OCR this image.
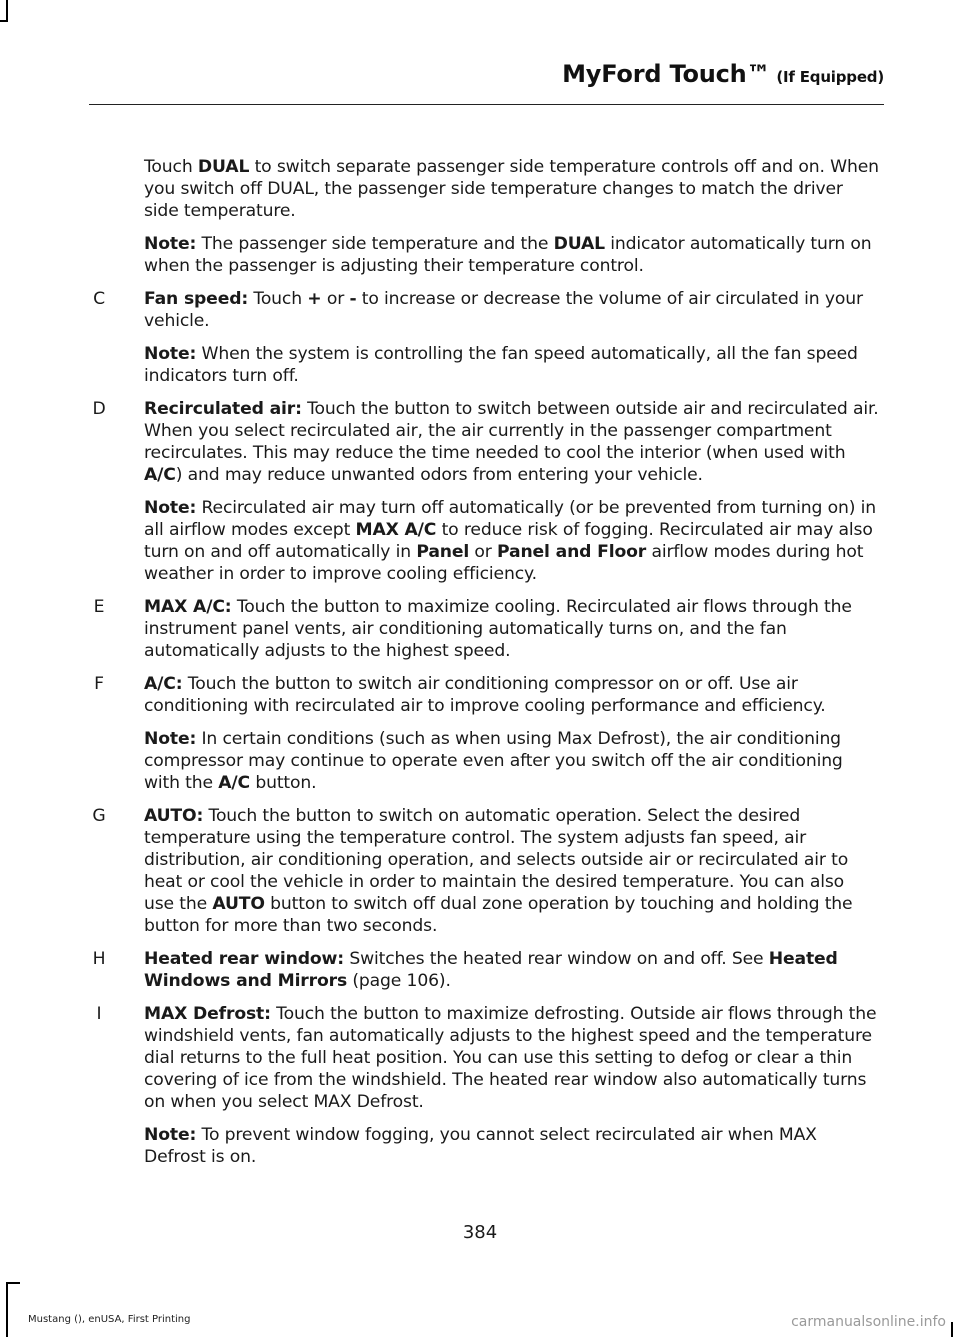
MyFord Touch™ (If Equipped)
Touch DUAL to switch separate passenger side temperature controls off and on. When you switch off DUAL, the passenger side temperature changes to match the driver side temperature.
Note: The passenger side temperature and the DUAL indicator automatically turn on when the passenger is adjusting their temperature control.
C Fan speed: Touch + or - to increase or decrease the volume of air circulated in your vehicle.
Note: When the system is controlling the fan speed automatically, all the fan speed indicators turn off.
D Recirculated air: Touch the button to switch between outside air and recirculated air. When you select recirculated air, the air currently in the passenger compartment recirculates. This may reduce the time needed to cool the interior (when used with A/C) and may reduce unwanted odors from entering your vehicle.
Note: Recirculated air may turn off automatically (or be prevented from turning on) in all airflow modes except MAX A/C to reduce risk of fogging. Recirculated air may also turn on and off automatically in Panel or Panel and Floor airflow modes during hot weather in order to improve cooling efficiency.
E MAX A/C: Touch the button to maximize cooling. Recirculated air flows through the instrument panel vents, air conditioning automatically turns on, and the fan automatically adjusts to the highest speed.
F A/C: Touch the button to switch air conditioning compressor on or off. Use air conditioning with recirculated air to improve cooling performance and efficiency.
Note: In certain conditions (such as when using Max Defrost), the air conditioning compressor may continue to operate even after you switch off the air conditioning with the A/C button.
G AUTO: Touch the button to switch on automatic operation. Select the desired temperature using the temperature control. The system adjusts fan speed, air distribution, air conditioning operation, and selects outside air or recirculated air to heat or cool the vehicle in order to maintain the desired temperature. You can also use the AUTO button to switch off dual zone operation by touching and holding the button for more than two seconds.
H Heated rear window: Switches the heated rear window on and off. See Heated Windows and Mirrors (page 106).
I	MAX Defrost: Touch the button to maximize defrosting. Outside air flows through the windshield vents, fan automatically adjusts to the highest speed and the temperature dial returns to the full heat position. You can use this setting to defog or clear a thin covering of ice from the windshield. The heated rear window also automatically turns on when you select MAX Defrost.
Note: To prevent window fogging, you cannot select recirculated air when MAX Defrost is on.
384
Mustang (), enUSA, First Printing	carmanualsonline.info
